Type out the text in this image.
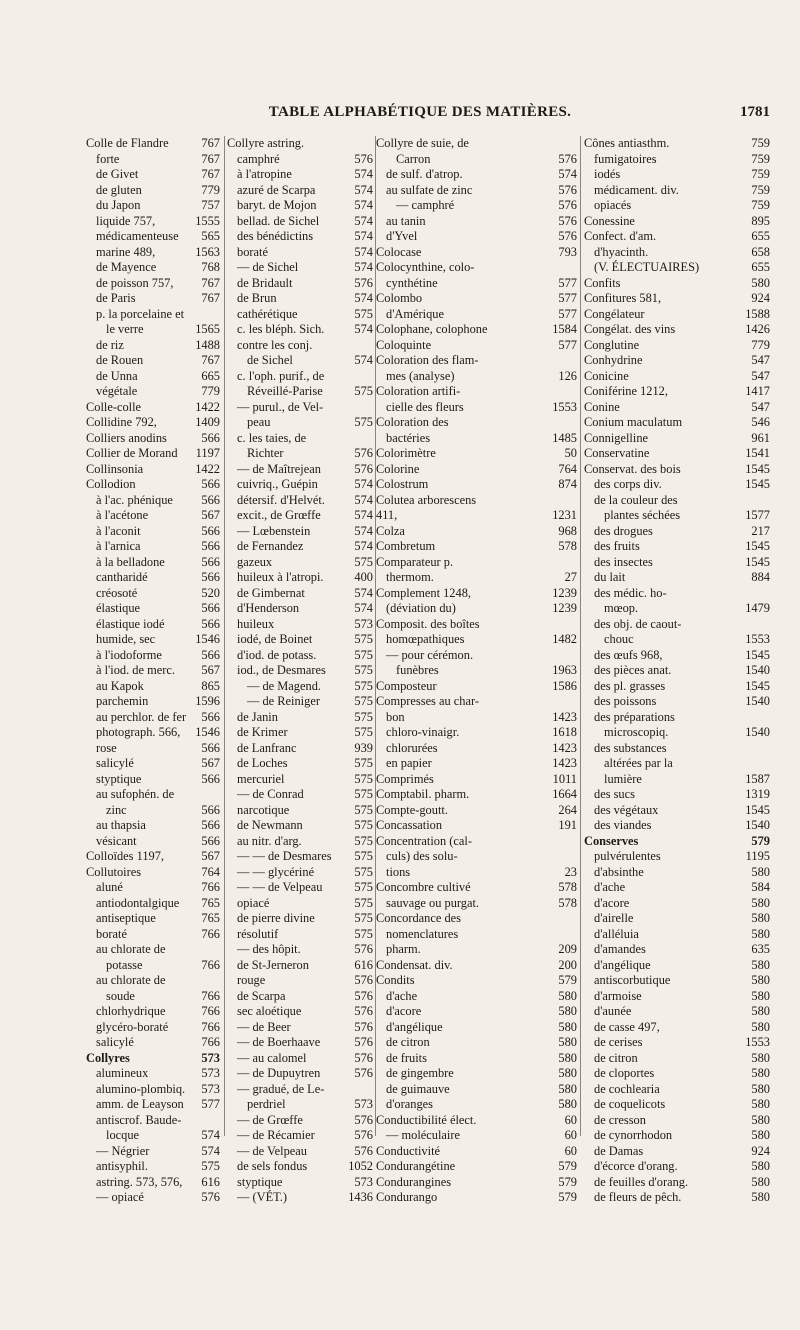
TABLE ALPHABÉTIQUE DES MATIÈRES.	1781
Colle de Flandre	767
forte	767
de Givet	767
de gluten	779
du Japon	757
liquide 757,	1555
médicamenteuse	565
marine 489,	1563
de Mayence	768
de poisson 757,	767
de Paris	767
p. la porcelaine et
le verre	1565
de riz	1488
de Rouen	767
de Unna	665
végétale	779
Colle-colle	1422
Collidine 792,	1409
Colliers anodins	566
Collier de Morand	1197
Collinsonia	1422
Collodion	566
à l'ac. phénique	566
à l'acétone	567
à l'aconit	566
à l'arnica	566
à la belladone	566
cantharidé	566
créosoté	520
élastique	566
élastique iodé	566
humide, sec	1546
à l'iodoforme	566
à l'iod. de merc.	567
au Kapok	865
parchemin	1596
au perchlor. de fer	566
photograph. 566,	1546
rose	566
salicylé	567
styptique	566
au sufophén. de
zinc	566
au thapsia	566
vésicant	566
Colloïdes 1197,	567
Collutoires	764
aluné	766
antiodontalgique	765
antiseptique	765
boraté	766
au chlorate de
potasse	766
au chlorate de
soude	766
chlorhydrique	766
glycéro-boraté	766
salicylé	766
Collyres	573
alumineux	573
alumino-plombiq.	573
amm. de Leayson	577
antiscrof. Baude-
locque	574
— Négrier	574
antisyphil.	575
astring. 573, 576,	616
— opiacé	576
Collyre astring.
camphré	576
à l'atropine	574
azuré de Scarpa	574
baryt. de Mojon	574
bellad. de Sichel	574
des bénédictins	574
boraté	574
— de Sichel	574
de Bridault	576
de Brun	574
cathérétique	575
c. les bléph. Sich.	574
contre les conj.
de Sichel	574
c. l'oph. purif., de
Réveillé-Parise	575
— purul., de Vel-
peau	575
c. les taies, de
Richter	576
— de Maîtrejean	576
cuivriq., Guépin	574
détersif. d'Helvét.	574
excit., de Grœffe	574
— Lœbenstein	574
de Fernandez	574
gazeux	575
huileux à l'atropi.	400
de Gimbernat	574
d'Henderson	574
huileux	573
iodé, de Boinet	575
d'iod. de potass.	575
iod., de Desmares	575
— de Magend.	575
— de Reiniger	575
de Janin	575
de Krimer	575
de Lanfranc	939
de Loches	575
mercuriel	575
— de Conrad	575
narcotique	575
de Newmann	575
au nitr. d'arg.	575
— — de Desmares	575
— — glycériné	575
— — de Velpeau	575
opiacé	575
de pierre divine	575
résolutif	575
— des hôpit.	576
de St-Jerneron	616
rouge	576
de Scarpa	576
sec aloétique	576
— de Beer	576
— de Boerhaave	576
— au calomel	576
— de Dupuytren	576
— gradué, de Le-
perdriel	573
— de Grœffe	576
— de Récamier	576
— de Velpeau	576
de sels fondus	1052
styptique	573
— (VÉT.)	1436
Collyre de suie, de
Carron	576
de sulf. d'atrop.	574
au sulfate de zinc	576
— camphré	576
au tanin	576
d'Yvel	576
Colocase	793
Colocynthine, colo-
cynthétine	577
Colombo	577
d'Amérique	577
Colophane, colophone	1584
Coloquinte	577
Coloration des flam-
mes (analyse)	126
Coloration artifi-
cielle des fleurs	1553
Coloration des
bactéries	1485
Colorimètre	50
Colorine	764
Colostrum	874
Colutea arborescens
411,	1231
Colza	968
Combretum	578
Comparateur p.
thermom.	27
Complement 1248,	1239
(déviation du)	1239
Composit. des boîtes
homœpathiques	1482
— pour cérémon.
funèbres	1963
Composteur	1586
Compresses au char-
bon	1423
chloro-vinaigr.	1618
chlorurées	1423
en papier	1423
Comprimés	1011
Comptabil. pharm.	1664
Compte-goutt.	264
Concassation	191
Concentration (cal-
culs) des solu-
tions	23
Concombre cultivé	578
sauvage ou purgat.	578
Concordance des
nomenclatures
pharm.	209
Condensat. div.	200
Condits	579
d'ache	580
d'acore	580
d'angélique	580
de citron	580
de fruits	580
de gingembre	580
de guimauve	580
d'oranges	580
Conductibilité élect.	60
— moléculaire	60
Conductivité	60
Condurangétine	579
Condurangines	579
Condurango	579
Cônes antiasthm.	759
fumigatoires	759
iodés	759
médicament. div.	759
opiacés	759
Conessine	895
Confect. d'am.	655
d'hyacinth.	658
(V. ÉLECTUAIRES)	655
Confits	580
Confitures 581,	924
Congélateur	1588
Congélat. des vins	1426
Conglutine	779
Conhydrine	547
Conicine	547
Coniférine 1212,	1417
Conine	547
Conium maculatum	546
Connigelline	961
Conservatine	1541
Conservat. des bois	1545
des corps div.	1545
de la couleur des
plantes séchées	1577
des drogues	217
des fruits	1545
des insectes	1545
du lait	884
des médic. ho-
mœop.	1479
des obj. de caout-
chouc	1553
des œufs 968,	1545
des pièces anat.	1540
des pl. grasses	1545
des poissons	1540
des préparations
microscopiq.	1540
des substances
altérées par la
lumière	1587
des sucs	1319
des végétaux	1545
des viandes	1540
Conserves	579
pulvérulentes	1195
d'absinthe	580
d'ache	584
d'acore	580
d'airelle	580
d'alléluia	580
d'amandes	635
d'angélique	580
antiscorbutique	580
d'armoise	580
d'aunée	580
de casse 497,	580
de cerises	1553
de citron	580
de cloportes	580
de cochlearia	580
de coquelicots	580
de cresson	580
de cynorrhodon	580
de Damas	924
d'écorce d'orang.	580
de feuilles d'orang.	580
de fleurs de pêch.	580
